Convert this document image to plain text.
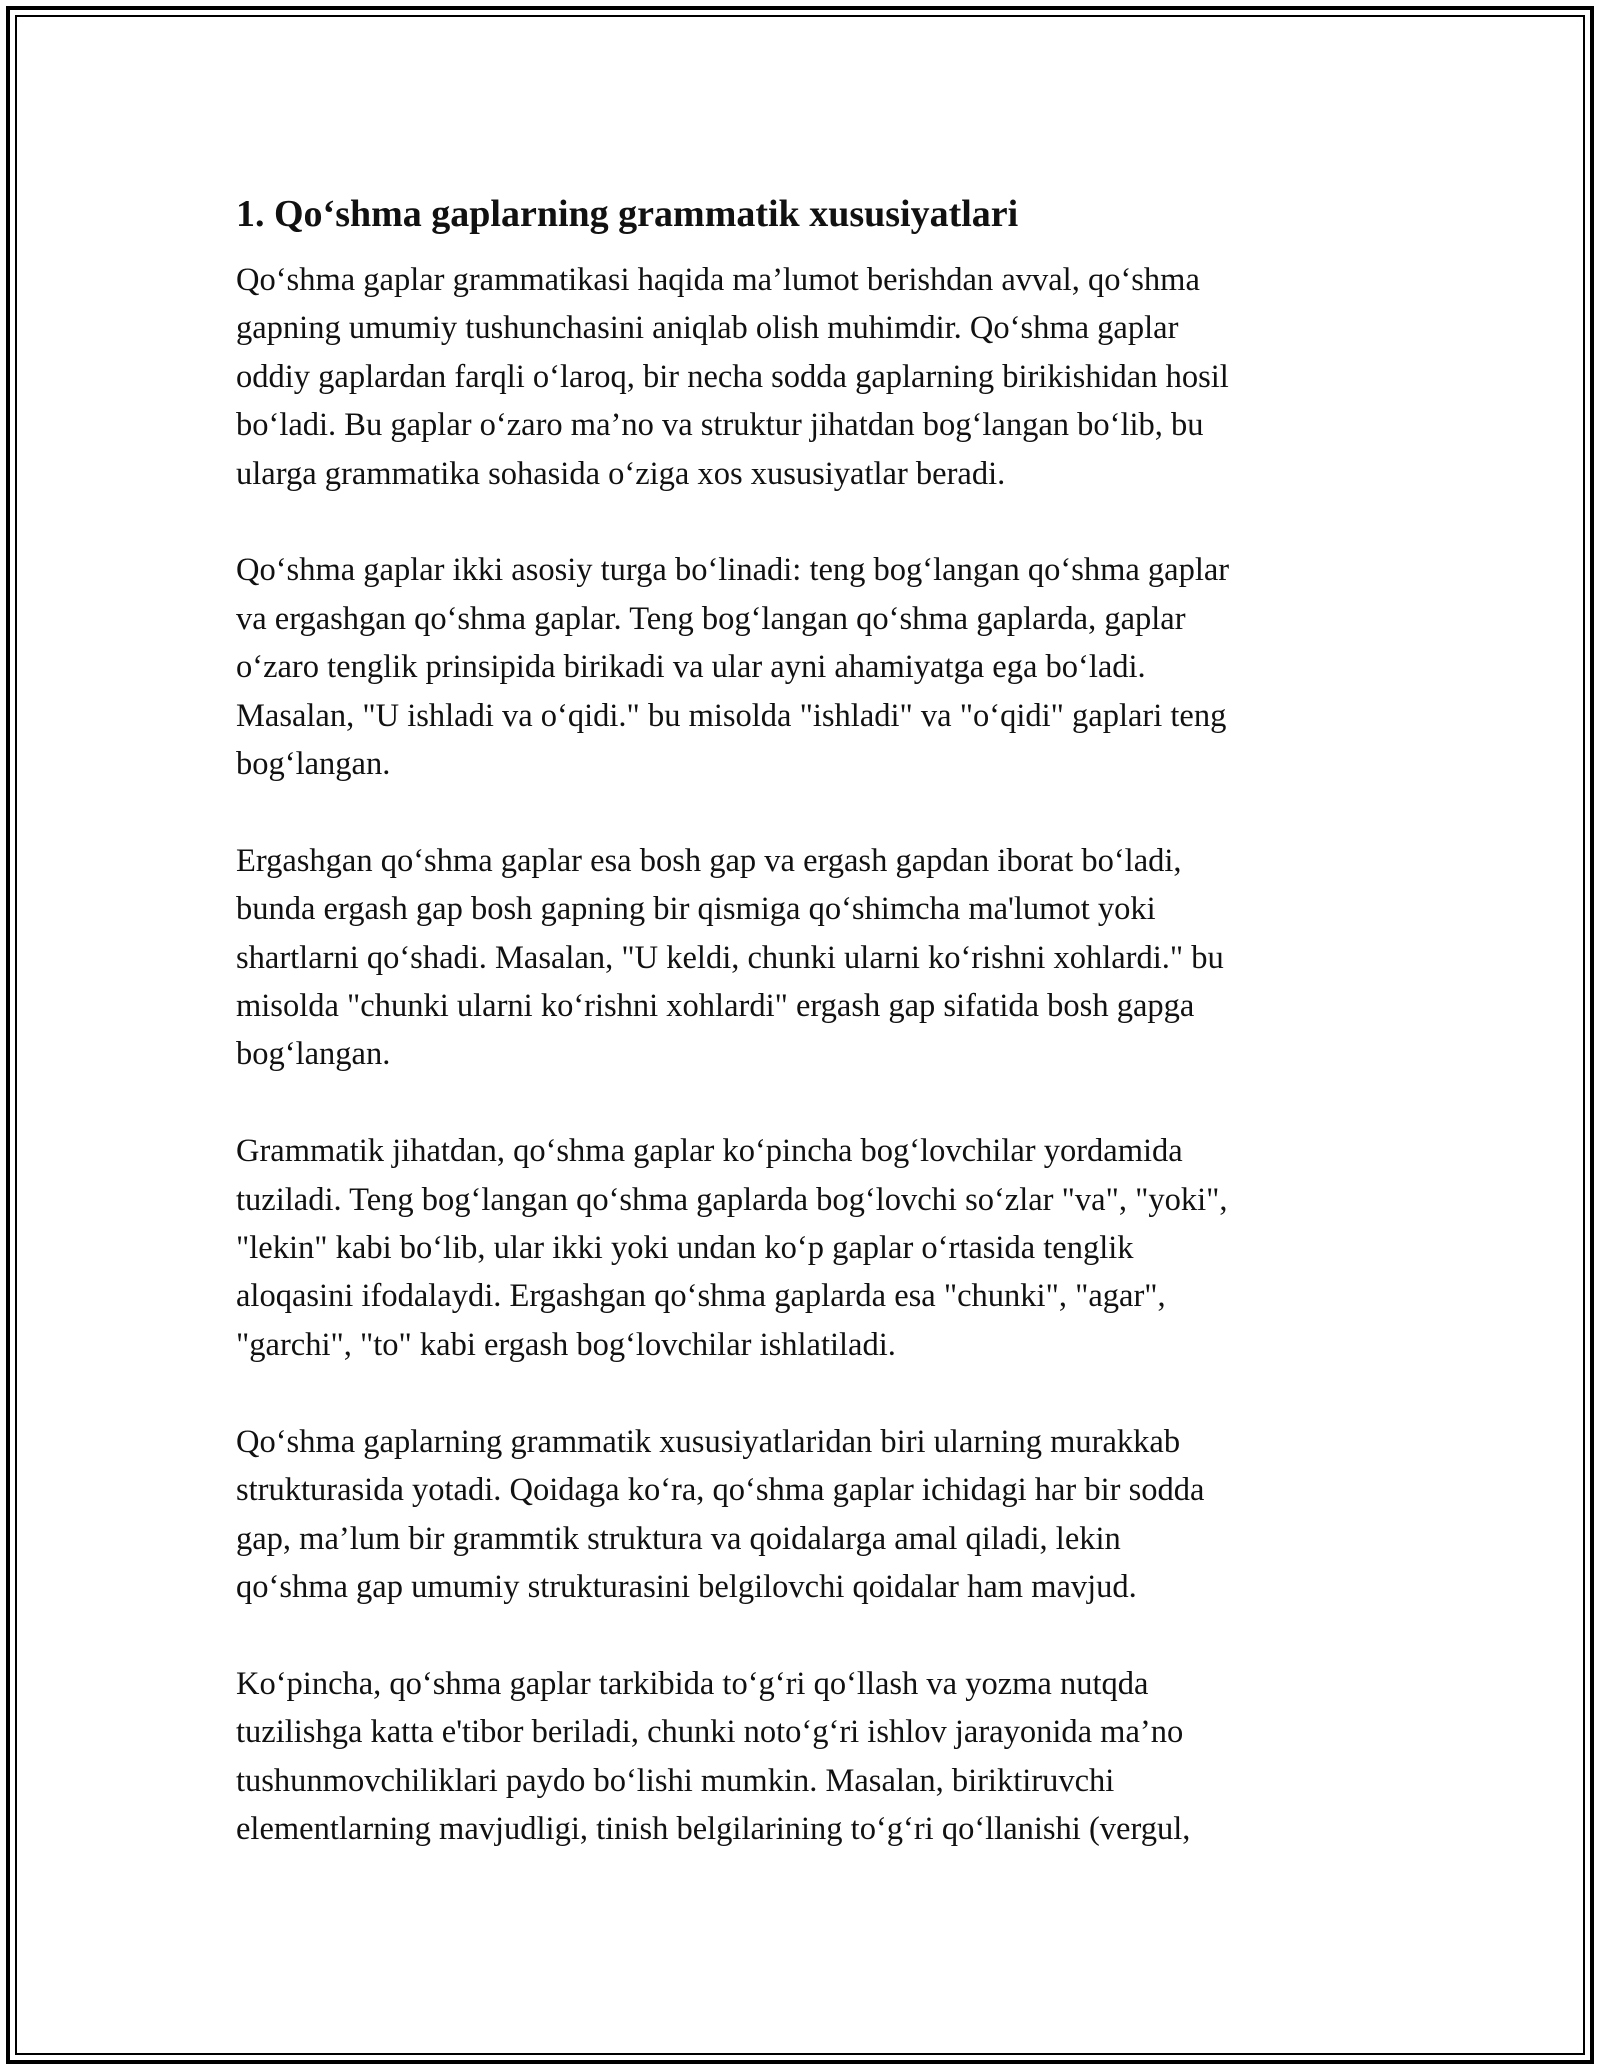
1. Qo‘shma gaplarning grammatik xususiyatlari
Qo‘shma gaplar grammatikasi haqida ma’lumot berishdan avval, qo‘shma
gapning umumiy tushunchasini aniqlab olish muhimdir. Qo‘shma gaplar
oddiy gaplardan farqli o‘laroq, bir necha sodda gaplarning birikishidan hosil
bo‘ladi. Bu gaplar o‘zaro ma’no va struktur jihatdan bog‘langan bo‘lib, bu
ularga grammatika sohasida o‘ziga xos xususiyatlar beradi.
Qo‘shma gaplar ikki asosiy turga bo‘linadi: teng bog‘langan qo‘shma gaplar
va ergashgan qo‘shma gaplar. Teng bog‘langan qo‘shma gaplarda, gaplar
o‘zaro tenglik prinsipida birikadi va ular ayni ahamiyatga ega bo‘ladi.
Masalan, "U ishladi va o‘qidi." bu misolda "ishladi" va "o‘qidi" gaplari teng
bog‘langan.
Ergashgan qo‘shma gaplar esa bosh gap va ergash gapdan iborat bo‘ladi,
bunda ergash gap bosh gapning bir qismiga qo‘shimcha ma'lumot yoki
shartlarni qo‘shadi. Masalan, "U keldi, chunki ularni ko‘rishni xohlardi." bu
misolda "chunki ularni ko‘rishni xohlardi" ergash gap sifatida bosh gapga
bog‘langan.
Grammatik jihatdan, qo‘shma gaplar ko‘pincha bog‘lovchilar yordamida
tuziladi. Teng bog‘langan qo‘shma gaplarda bog‘lovchi so‘zlar "va", "yoki",
"lekin" kabi bo‘lib, ular ikki yoki undan ko‘p gaplar o‘rtasida tenglik
aloqasini ifodalaydi. Ergashgan qo‘shma gaplarda esa "chunki", "agar",
"garchi", "to" kabi ergash bog‘lovchilar ishlatiladi.
Qo‘shma gaplarning grammatik xususiyatlaridan biri ularning murakkab
strukturasida yotadi. Qoidaga ko‘ra, qo‘shma gaplar ichidagi har bir sodda
gap, ma’lum bir grammtik struktura va qoidalarga amal qiladi, lekin
qo‘shma gap umumiy strukturasini belgilovchi qoidalar ham mavjud.
Ko‘pincha, qo‘shma gaplar tarkibida to‘g‘ri qo‘llash va yozma nutqda
tuzilishga katta e'tibor beriladi, chunki noto‘g‘ri ishlov jarayonida ma’no
tushunmovchiliklari paydo bo‘lishi mumkin. Masalan, biriktiruvchi
elementlarning mavjudligi, tinish belgilarining to‘g‘ri qo‘llanishi (vergul,
